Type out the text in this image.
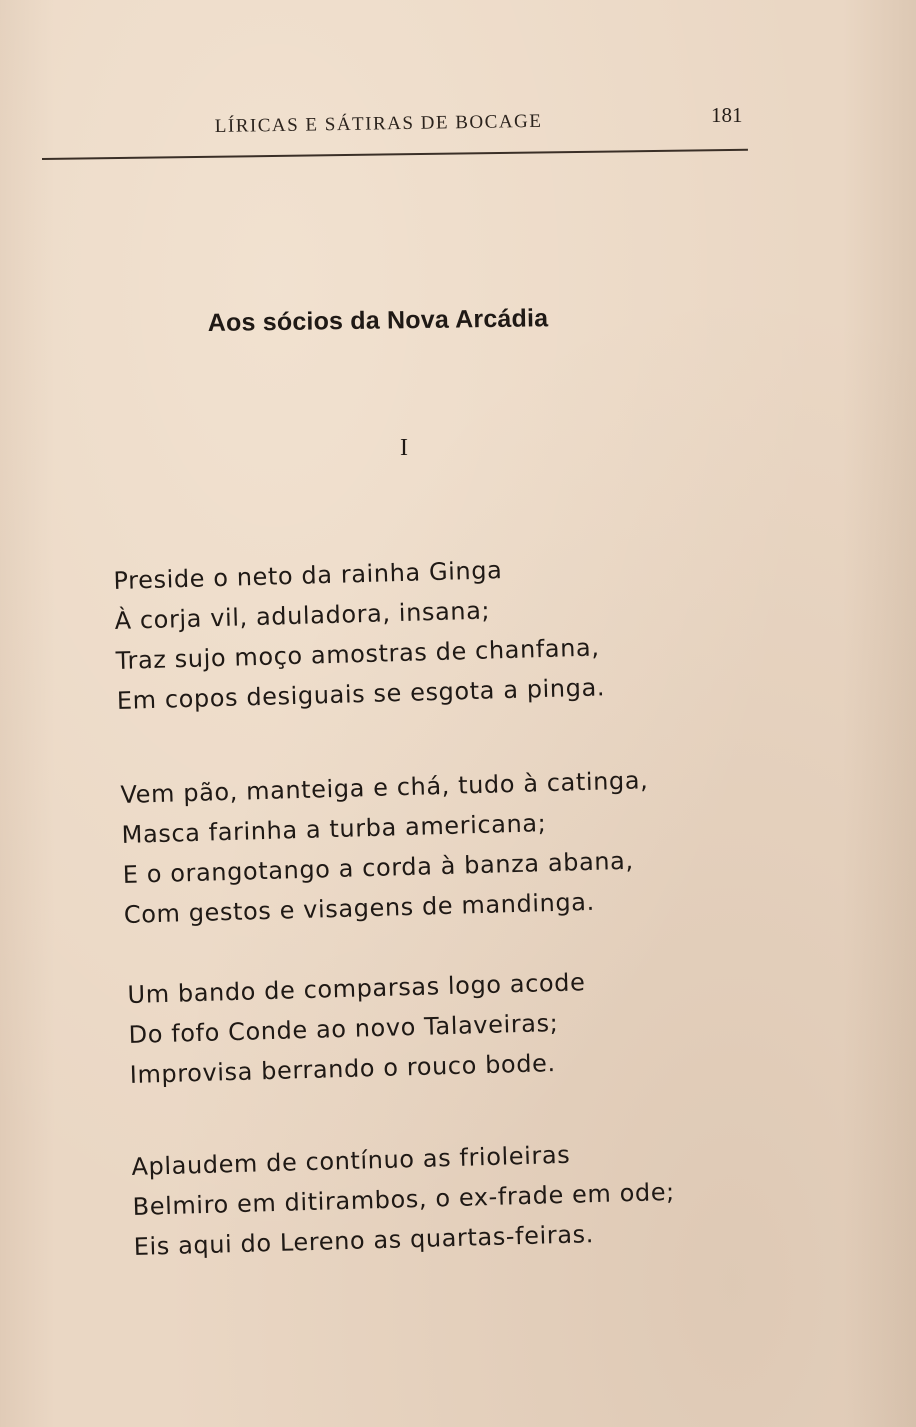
LÍRICAS E SÁTIRAS DE BOCAGE	181
Aos sócios da Nova Arcádia
I
Preside o neto da rainha Ginga
À corja vil, aduladora, insana;
Traz sujo moço amostras de chanfana,
Em copos desiguais se esgota a pinga.
Vem pão, manteiga e chá, tudo à catinga,
Masca farinha a turba americana;
E o orangotango a corda à banza abana,
Com gestos e visagens de mandinga.
Um bando de comparsas logo acode
Do fofo Conde ao novo Talaveiras;
Improvisa berrando o rouco bode.
Aplaudem de contínuo as frioleiras
Belmiro em ditirambos, o ex-frade em ode;
Eis aqui do Lereno as quartas-feiras.
